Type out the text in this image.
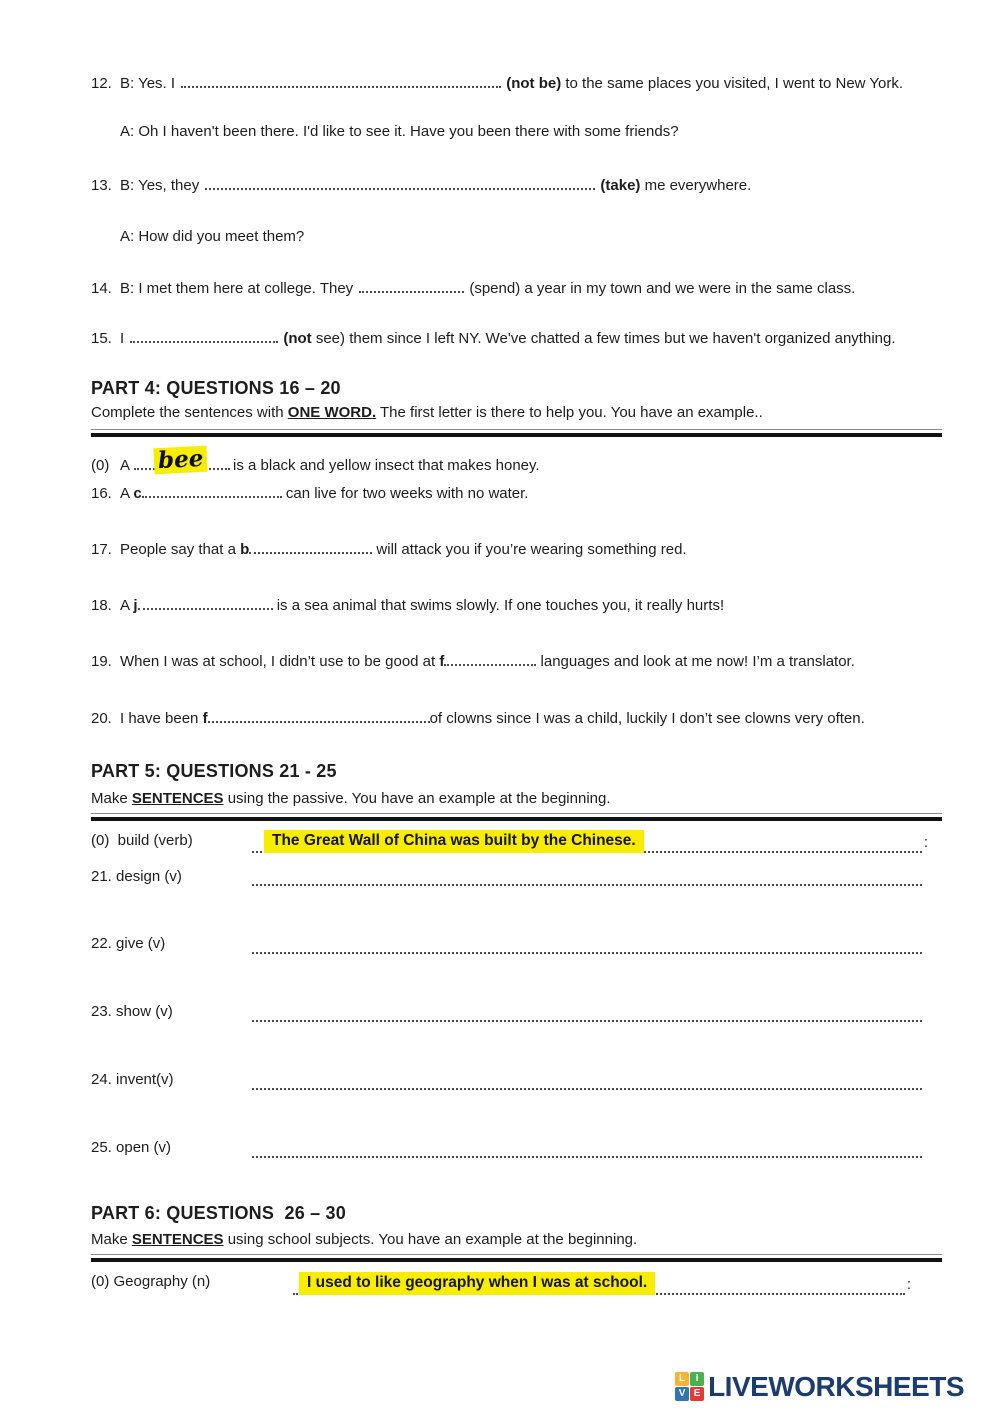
12. B: Yes. I	(not be) to the same places you visited, I went to New York.
A: Oh I haven't been there. I'd like to see it. Have you been there with some friends?
13. B: Yes, they	(take) me everywhere.
A: How did you meet them?
14. B: I met them here at college. They	(spend) a year in my town and we were in the same class.
15. I	(not see) them since I left NY. We've chatted a few times but we haven't organized anything.
PART 4: QUESTIONS 16 – 20
Complete the sentences with ONE WORD. The first letter is there to help you. You have an example..
(0) A bee is a black and yellow insect that makes honey.
16. A c	can live for two weeks with no water.
17. People say that a b	will attack you if you’re wearing something red.
18. A j	is a sea animal that swims slowly. If one touches you, it really hurts!
19. When I was at school, I didn’t use to be good at f	languages and look at me now! I’m a translator.
20. I have been f	of clowns since I was a child, luckily I don’t see clowns very often.
PART 5: QUESTIONS 21 - 25
Make SENTENCES using the passive. You have an example at the beginning.
(0)  build (verb)	The Great Wall of China was built by the Chinese.	:
21. design (v)
22. give (v)
23. show (v)
24. invent(v)
25. open (v)
PART 6: QUESTIONS  26 – 30
Make SENTENCES using school subjects. You have an example at the beginning.
(0) Geography (n)	I used to like geography when I was at school.	:
L	I
V E LIVEWORKSHEETS
